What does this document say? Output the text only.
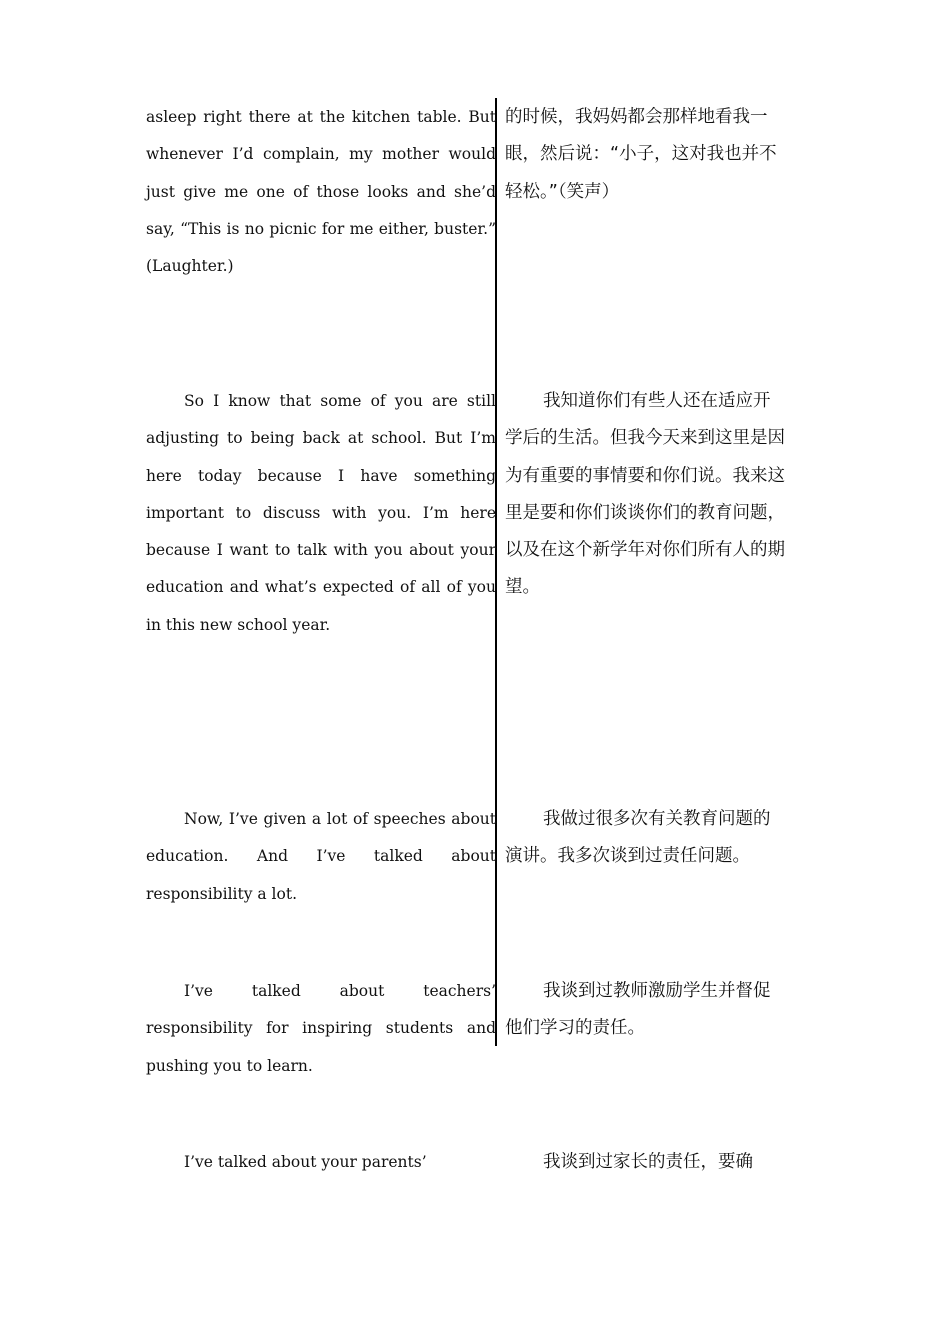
asleep right there at the kitchen table. But whenever I’d complain, my mother would just give me one of those looks and she’d say, “This is no picnic for me either, buster.” (Laughter.)
的时候，我妈妈都会那样地看我一眼，然后说：“小子，这对我也并不轻松。”（笑声）
So I know that some of you are still adjusting to being back at school. But I’m here today because I have something important to discuss with you. I’m here because I want to talk with you about your education and what’s expected of all of you in this new school year.
我知道你们有些人还在适应开学后的生活。但我今天来到这里是因为有重要的事情要和你们说。我来这里是要和你们谈谈你们的教育问题，以及在这个新学年对你们所有人的期望。
Now, I’ve given a lot of speeches about education. And I’ve talked about responsibility a lot.
我做过很多次有关教育问题的演讲。我多次谈到过责任问题。
I’ve talked about teachers’ responsibility for inspiring students and pushing you to learn.
我谈到过教师激励学生并督促他们学习的责任。
I’ve talked about your parents’	我谈到过家长的责任，要确
